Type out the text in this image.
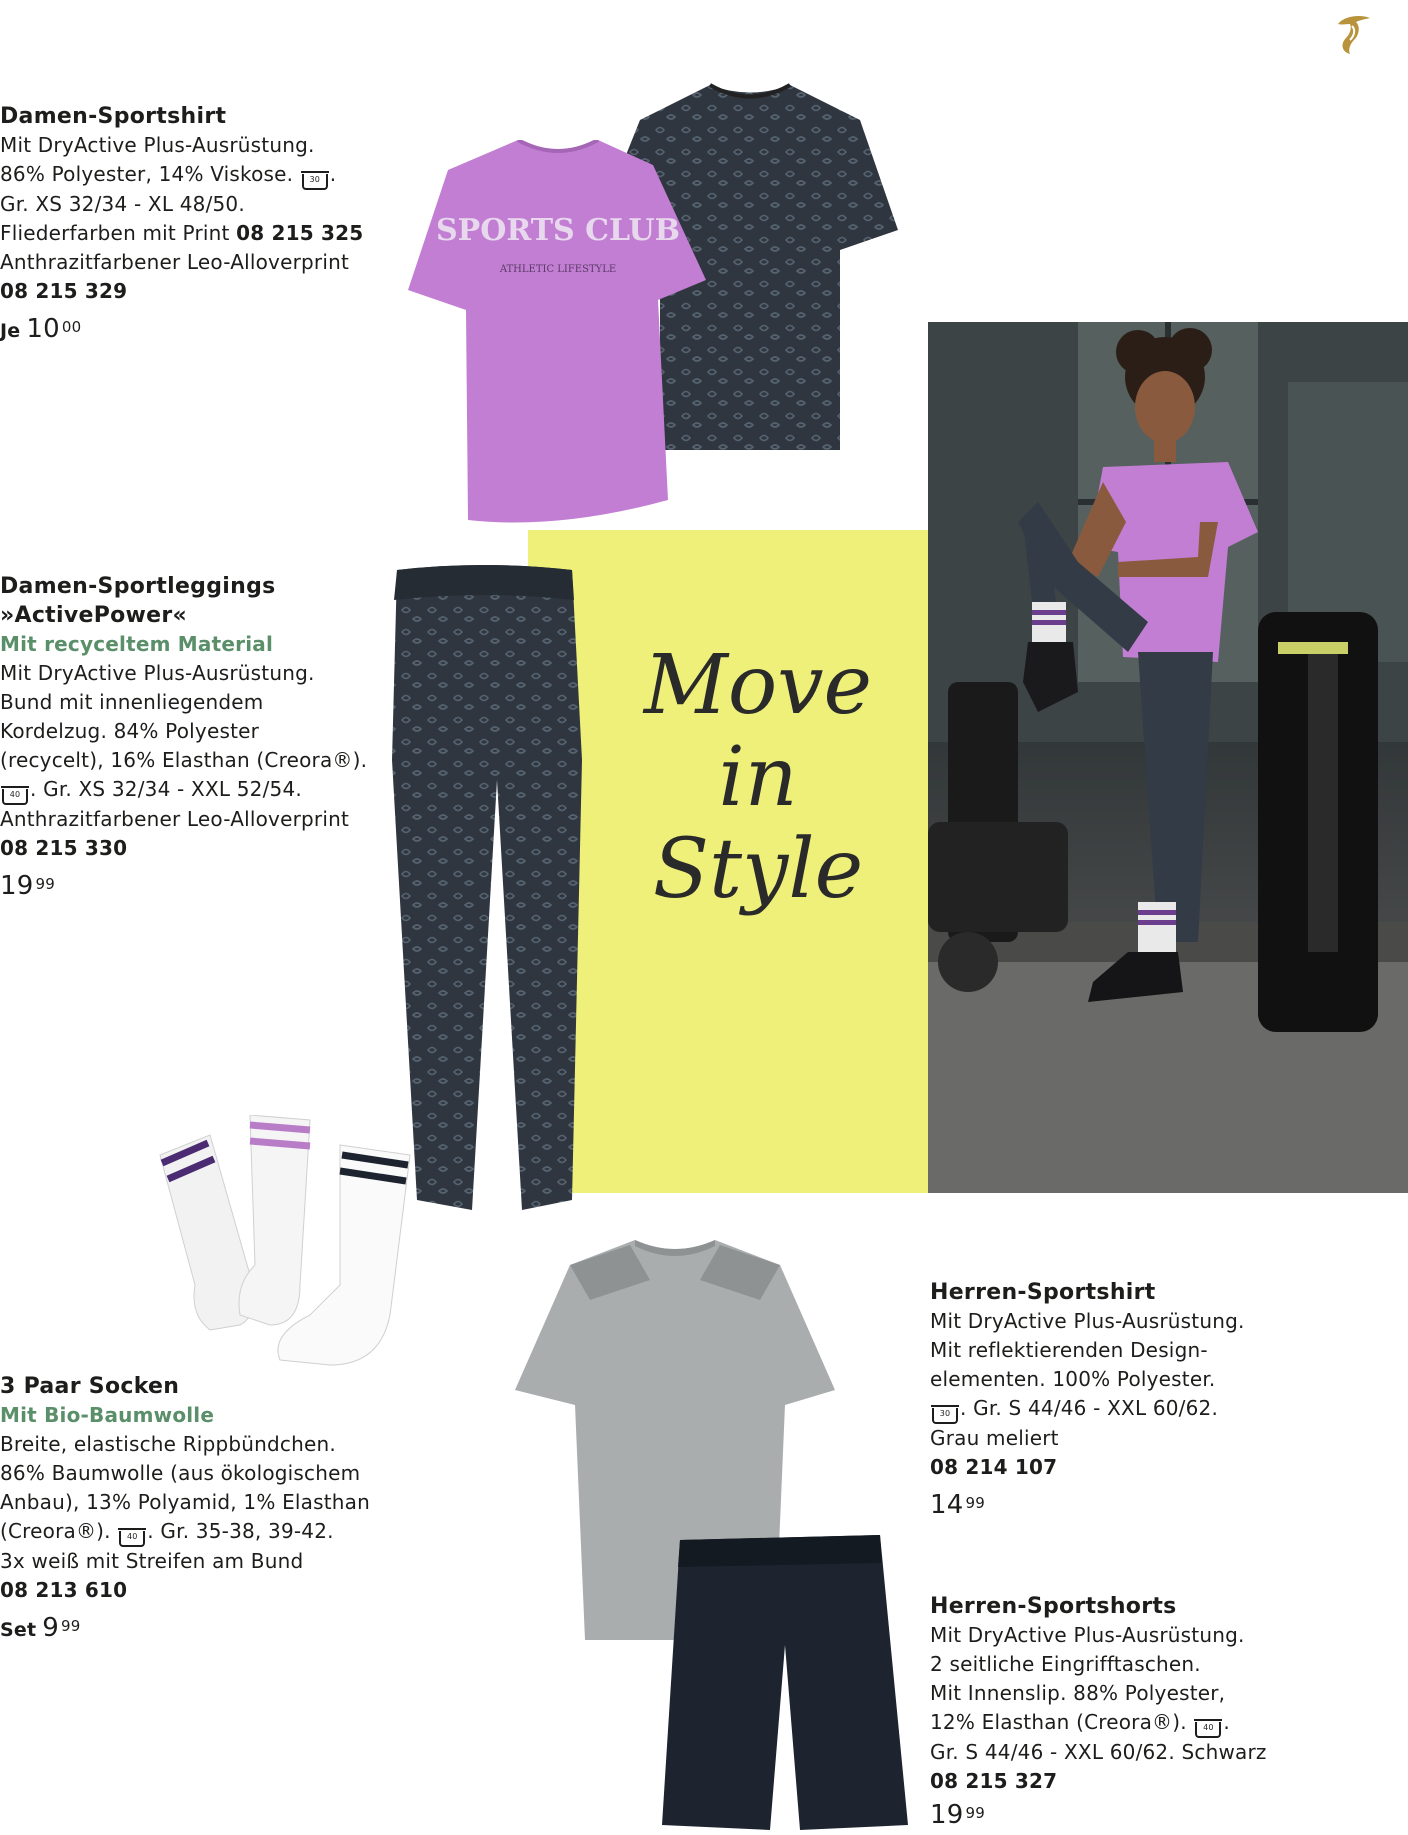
Move
in
Style
SPORTS CLUB
ATHLETIC LIFESTYLE
Damen-Sportshirt
Mit DryActive Plus-Ausrüstung.
86% Polyester, 14% Viskose. 30 .
Gr. XS 32/34 - XL 48/50.
Fliederfarben mit Print 08 215 325
Anthrazitfarbener Leo-Alloverprint
08 215 329
Je 10 $^{00}$
Damen-Sportleggings
»ActivePower«
Mit recyceltem Material
Mit DryActive Plus-Ausrüstung.
Bund mit innenliegendem
Kordelzug. 84% Polyester
(recycelt), 16% Elasthan (Creora®).
40 . Gr. XS 32/34 - XXL 52/54.
Anthrazitfarbener Leo-Alloverprint
08 215 330
19 $^{99}$
3 Paar Socken
Mit Bio-Baumwolle
Breite, elastische Rippbündchen.
86% Baumwolle (aus ökologischem
Anbau), 13% Polyamid, 1% Elasthan
(Creora®). 40 . Gr. 35-38, 39-42.
3x weiß mit Streifen am Bund
08 213 610
Set 9 $^{99}$
Herren-Sportshirt
Mit DryActive Plus-Ausrüstung.
Mit reflektierenden Design-
elementen. 100% Polyester.
30 . Gr. S 44/46 - XXL 60/62.
Grau meliert
08 214 107
14 $^{99}$
Herren-Sportshorts
Mit DryActive Plus-Ausrüstung.
2 seitliche Eingrifftaschen.
Mit Innenslip. 88% Polyester,
12% Elasthan (Creora®). 40 .
Gr. S 44/46 - XXL 60/62. Schwarz
08 215 327
19 $^{99}$
